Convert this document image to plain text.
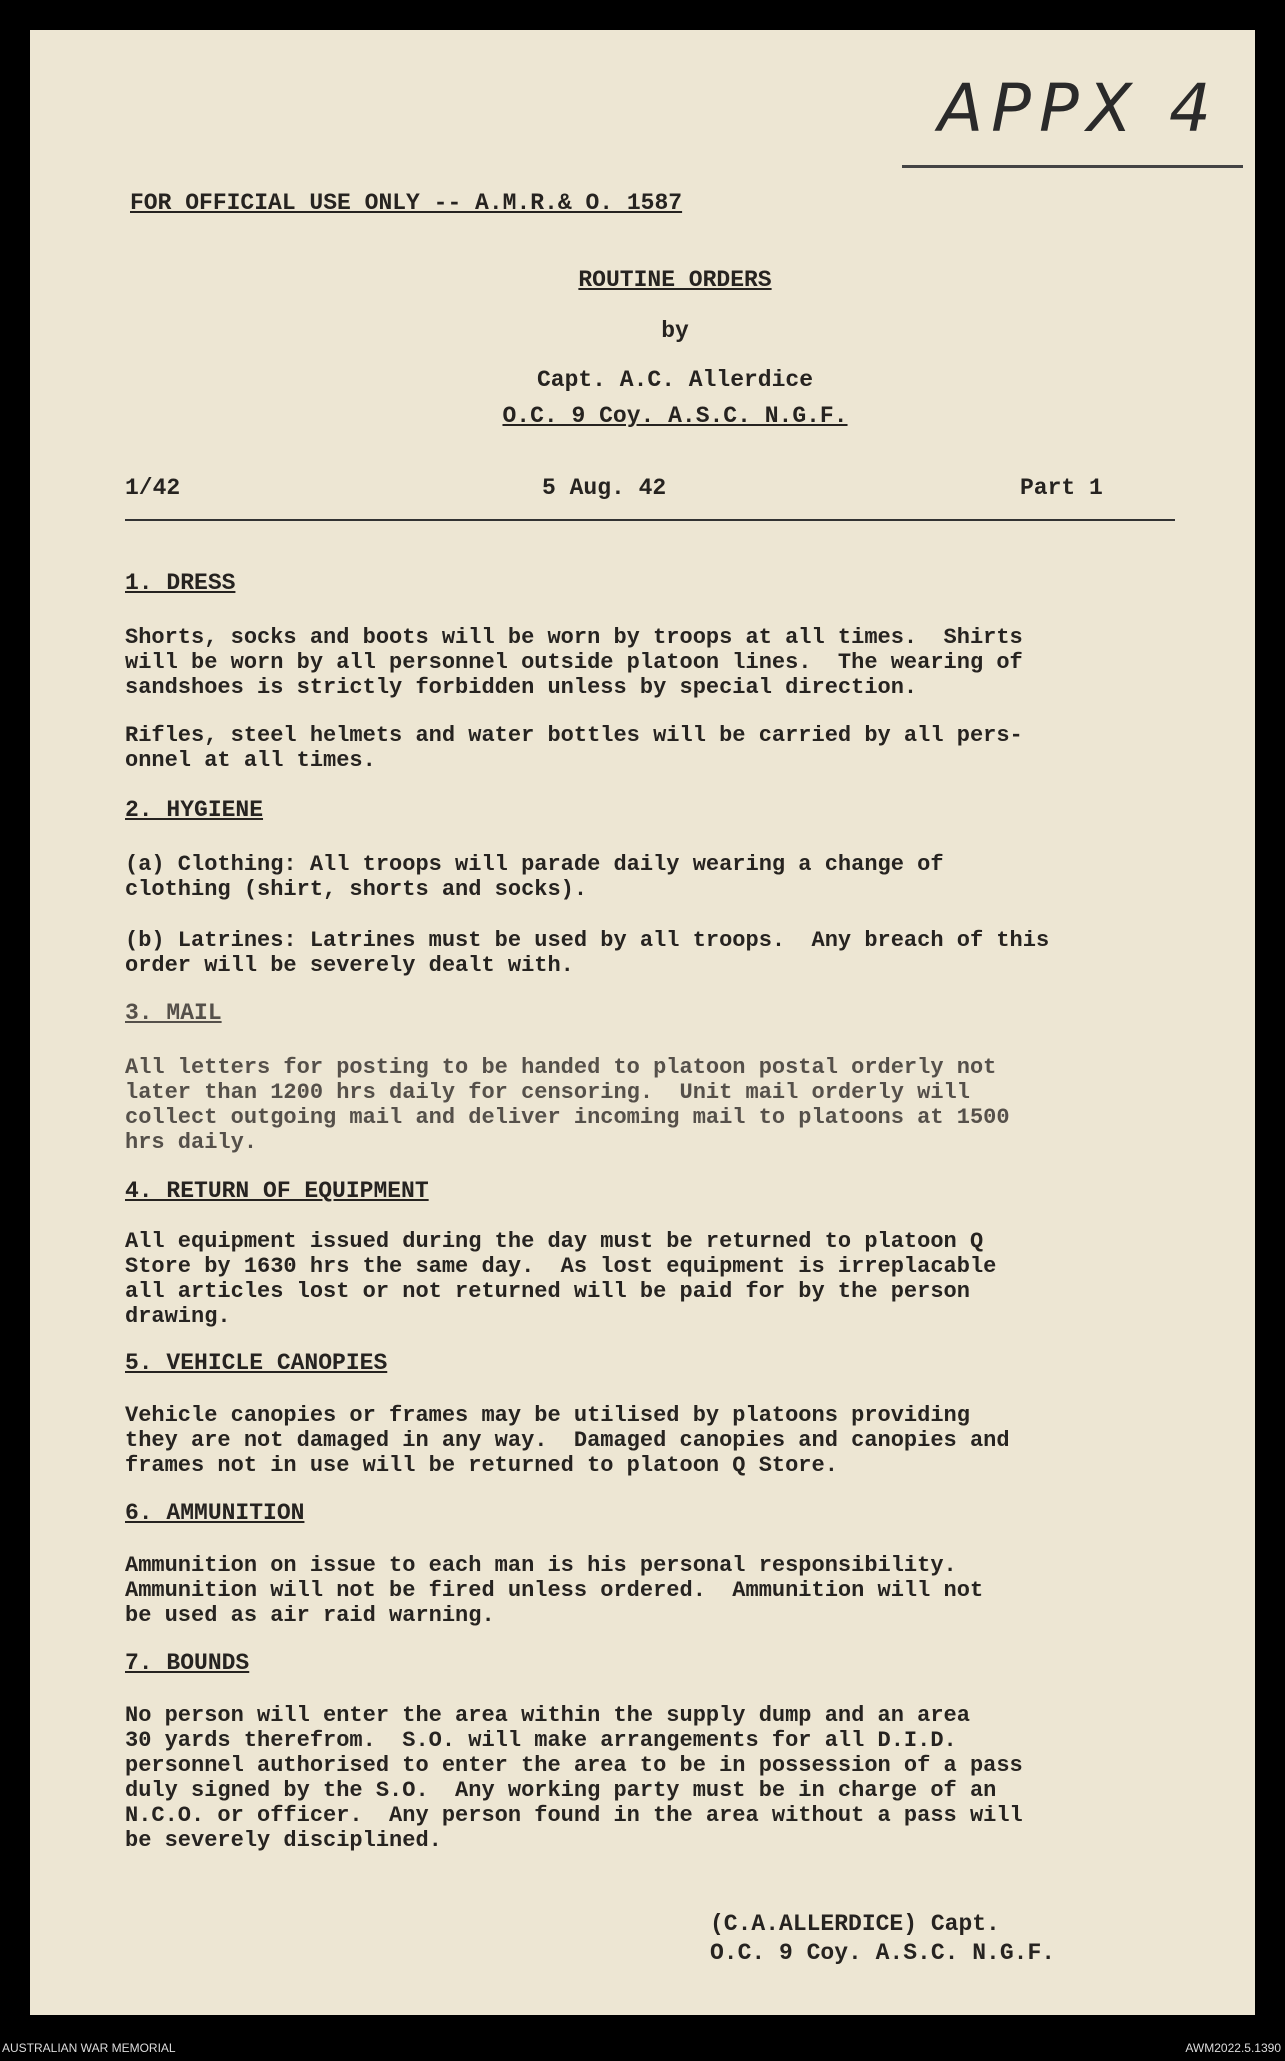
APPX 4
FOR OFFICIAL USE ONLY -- A.M.R.& O. 1587
ROUTINE ORDERS
by
Capt. A.C. Allerdice
O.C. 9 Coy. A.S.C. N.G.F.
1/42	5 Aug. 42	Part 1

1. DRESS
Shorts, socks and boots will be worn by troops at all times.  Shirts
will be worn by all personnel outside platoon lines.  The wearing of
sandshoes is strictly forbidden unless by special direction.
Rifles, steel helmets and water bottles will be carried by all pers-
onnel at all times.
2. HYGIENE
(a) Clothing: All troops will parade daily wearing a change of
clothing (shirt, shorts and socks).
(b) Latrines: Latrines must be used by all troops.  Any breach of this
order will be severely dealt with.
3. MAIL
All letters for posting to be handed to platoon postal orderly not
later than 1200 hrs daily for censoring.  Unit mail orderly will
collect outgoing mail and deliver incoming mail to platoons at 1500
hrs daily.
4. RETURN OF EQUIPMENT
All equipment issued during the day must be returned to platoon Q
Store by 1630 hrs the same day.  As lost equipment is irreplacable
all articles lost or not returned will be paid for by the person
drawing.
5. VEHICLE CANOPIES
Vehicle canopies or frames may be utilised by platoons providing
they are not damaged in any way.  Damaged canopies and canopies and
frames not in use will be returned to platoon Q Store.
6. AMMUNITION
Ammunition on issue to each man is his personal responsibility.
Ammunition will not be fired unless ordered.  Ammunition will not
be used as air raid warning.
7. BOUNDS
No person will enter the area within the supply dump and an area
30 yards therefrom.  S.O. will make arrangements for all D.I.D.
personnel authorised to enter the area to be in possession of a pass
duly signed by the S.O.  Any working party must be in charge of an
N.C.O. or officer.  Any person found in the area without a pass will
be severely disciplined.
(C.A.ALLERDICE) Capt.
O.C. 9 Coy. A.S.C. N.G.F.
AUSTRALIAN WAR MEMORIAL	AWM2022.5.1390
